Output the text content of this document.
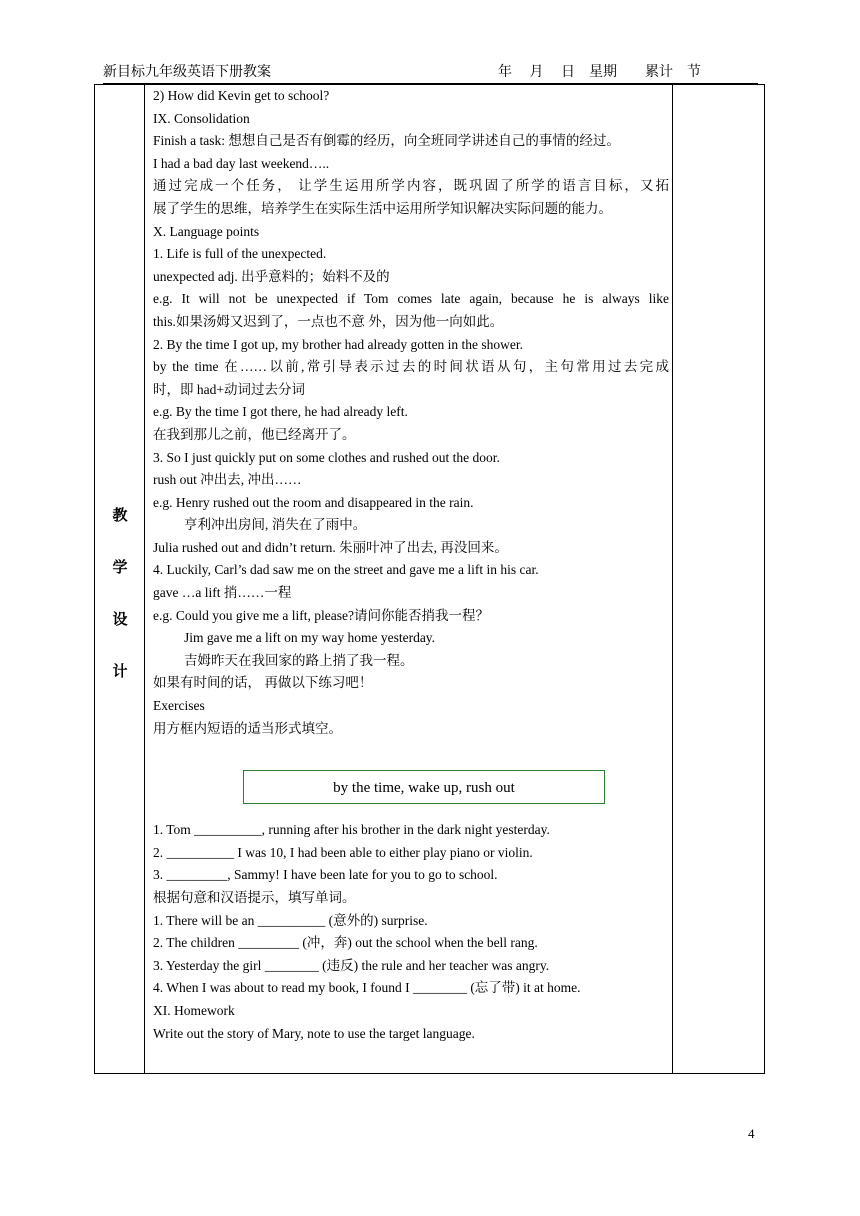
新目标九年级英语下册教案	年　 月　 日　星期　　累计　节
教
学
设
计
2) How did Kevin get to school?
IX. Consolidation
Finish a task: 想想自己是否有倒霉的经历，向全班同学讲述自己的事情的经过。
I had a bad day last weekend…..
通过完成一个任务， 让学生运用所学内容，既巩固了所学的语言目标，又拓
展了学生的思维，培养学生在实际生活中运用所学知识解决实际问题的能力。
X. Language points
1. Life is full of the unexpected.
unexpected adj. 出乎意料的；始料不及的
e.g. It will not be unexpected if Tom comes late again, because he is always like
this.如果汤姆又迟到了，一点也不意 外，因为他一向如此。
2. By the time I got up, my brother had already gotten in the shower.
by the time 在……以前,常引导表示过去的时间状语从句，主句常用过去完成
时，即 had+动词过去分词
e.g. By the time I got there, he had already left.
在我到那儿之前，他已经离开了。
3. So I just quickly put on some clothes and rushed out the door.
rush out 冲出去, 冲出……
e.g. Henry rushed out the room and disappeared in the rain.
亨利冲出房间, 消失在了雨中。
Julia rushed out and didn’t return. 朱丽叶冲了出去, 再没回来。
4. Luckily, Carl’s dad saw me on the street and gave me a lift in his car.
gave …a lift 捎……一程
e.g. Could you give me a lift, please?请问你能否捎我一程？
Jim gave me a lift on my way home yesterday.
吉姆昨天在我回家的路上捎了我一程。
如果有时间的话， 再做以下练习吧！
Exercises
用方框内短语的适当形式填空。
by the time, wake up, rush out
1. Tom __________, running after his brother in the dark night yesterday.
2. __________ I was 10, I had been able to either play piano or violin.
3. _________, Sammy! I have been late for you to go to school.
根据句意和汉语提示，填写单词。
1. There will be an __________ (意外的) surprise.
2. The children _________ (冲，奔) out the school when the bell rang.
3. Yesterday the girl ________ (违反) the rule and her teacher was angry.
4. When I was about to read my book, I found I ________ (忘了带) it at home.
XI. Homework
Write out the story of Mary, note to use the target language.
4
